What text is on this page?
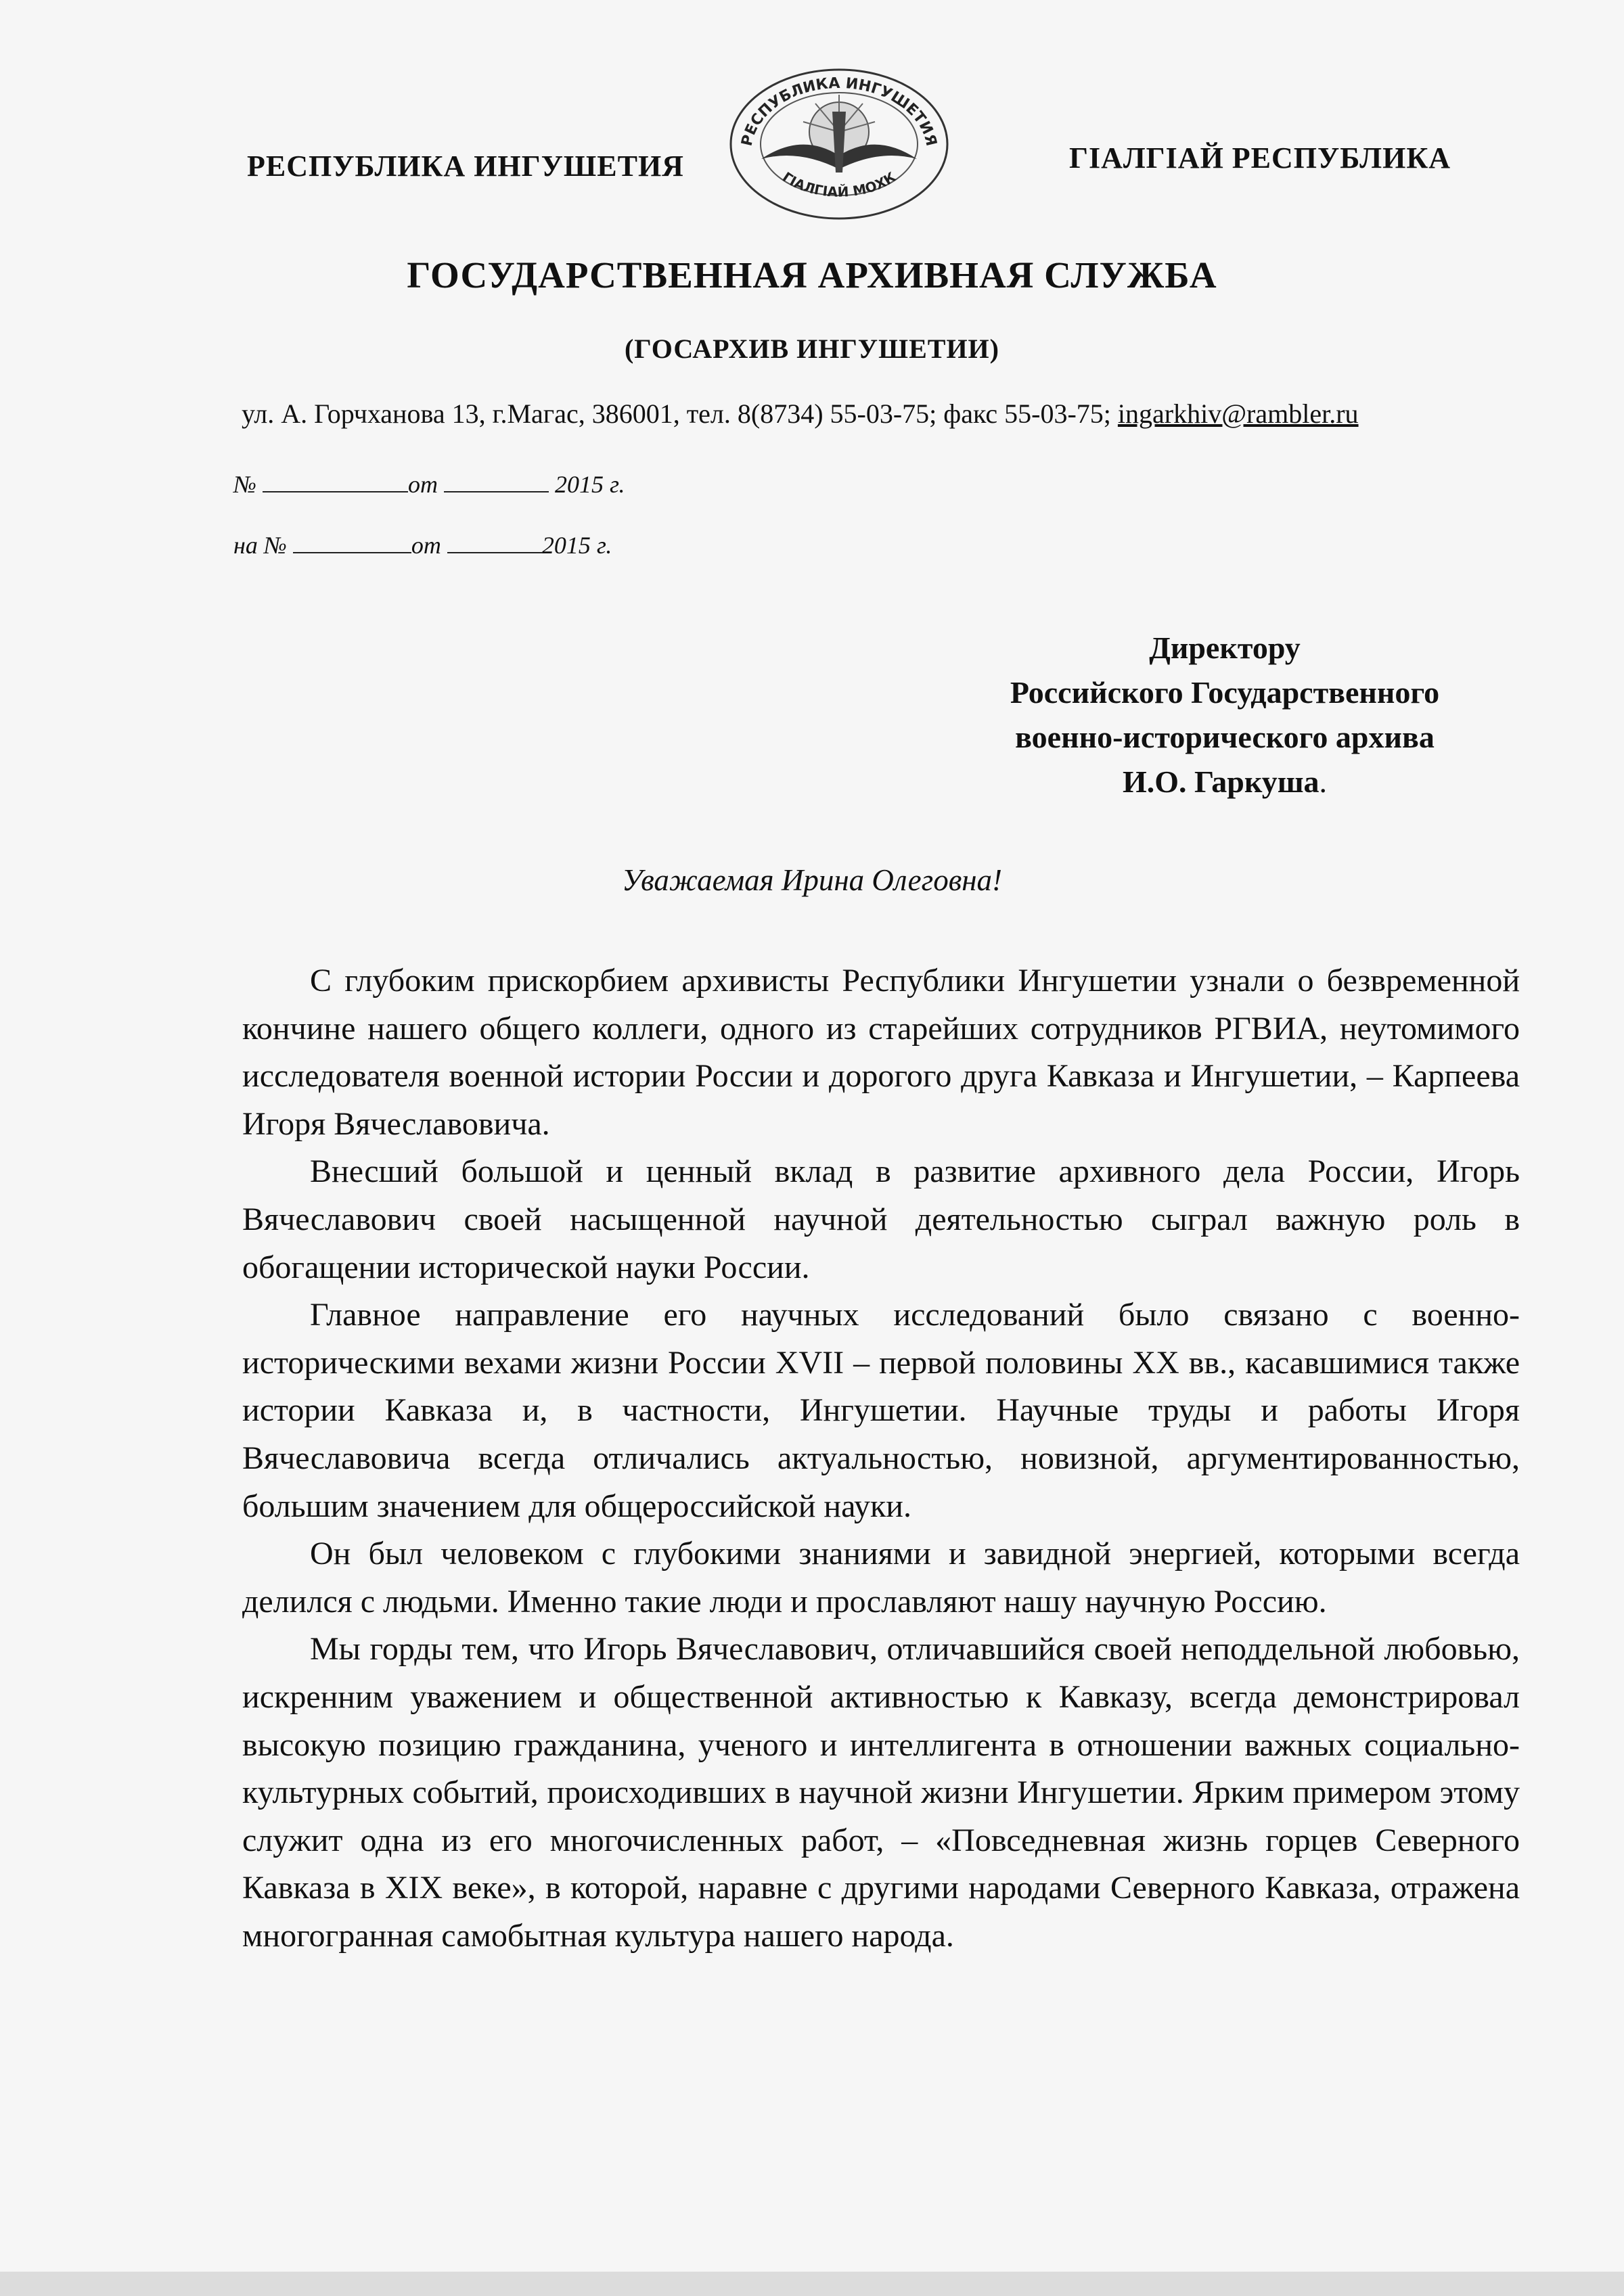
РЕСПУБЛИКА ИНГУШЕТИЯ	ГIАЛГIАЙ РЕСПУБЛИКА
РЕСПУБЛИКА ИНГУШЕТИЯ
ГIАЛГIАЙ МОХК
ГОСУДАРСТВЕННАЯ АРХИВНАЯ СЛУЖБА
(ГОСАРХИВ ИНГУШЕТИИ)
ул. А. Горчханова 13, г.Магас, 386001, тел. 8(8734) 55-03-75; факс 55-03-75; ingarkhiv@rambler.ru
№	от	2015 г.
на №	от	2015 г.
Директору
Российского Государственного
военно-исторического архива
И.О. Гаркуша.
Уважаемая Ирина Олеговна!

С глубоким прискорбием архивисты Республики Ингушетии узнали о безвременной кончине нашего общего коллеги, одного из старейших сотрудников РГВИА, неутомимого исследователя военной истории России и дорогого друга Кавказа и Ингушетии, – Карпеева Игоря Вячеславовича.

Внесший большой и ценный вклад в развитие архивного дела России, Игорь Вячеславович своей насыщенной научной деятельностью сыграл важную роль в обогащении исторической науки России.

Главное направление его научных исследований было связано с военно-историческими вехами жизни России XVII – первой половины XX вв., касавшимися также истории Кавказа и, в частности, Ингушетии. Научные труды и работы Игоря Вячеславовича всегда отличались актуальностью, новизной, аргументированностью, большим значением для общероссийской науки.

Он был человеком с глубокими знаниями и завидной энергией, которыми всегда делился с людьми. Именно такие люди и прославляют нашу научную Россию.

Мы горды тем, что Игорь Вячеславович, отличавшийся своей неподдельной любовью, искренним уважением и общественной активностью к Кавказу, всегда демонстрировал высокую позицию гражданина, ученого и интеллигента в отношении важных социально-культурных событий, происходивших в научной жизни Ингушетии. Ярким примером этому служит одна из его многочисленных работ, – «Повседневная жизнь горцев Северного Кавказа в XIX веке», в которой, наравне с другими народами Северного Кавказа, отражена многогранная самобытная культура нашего народа.
